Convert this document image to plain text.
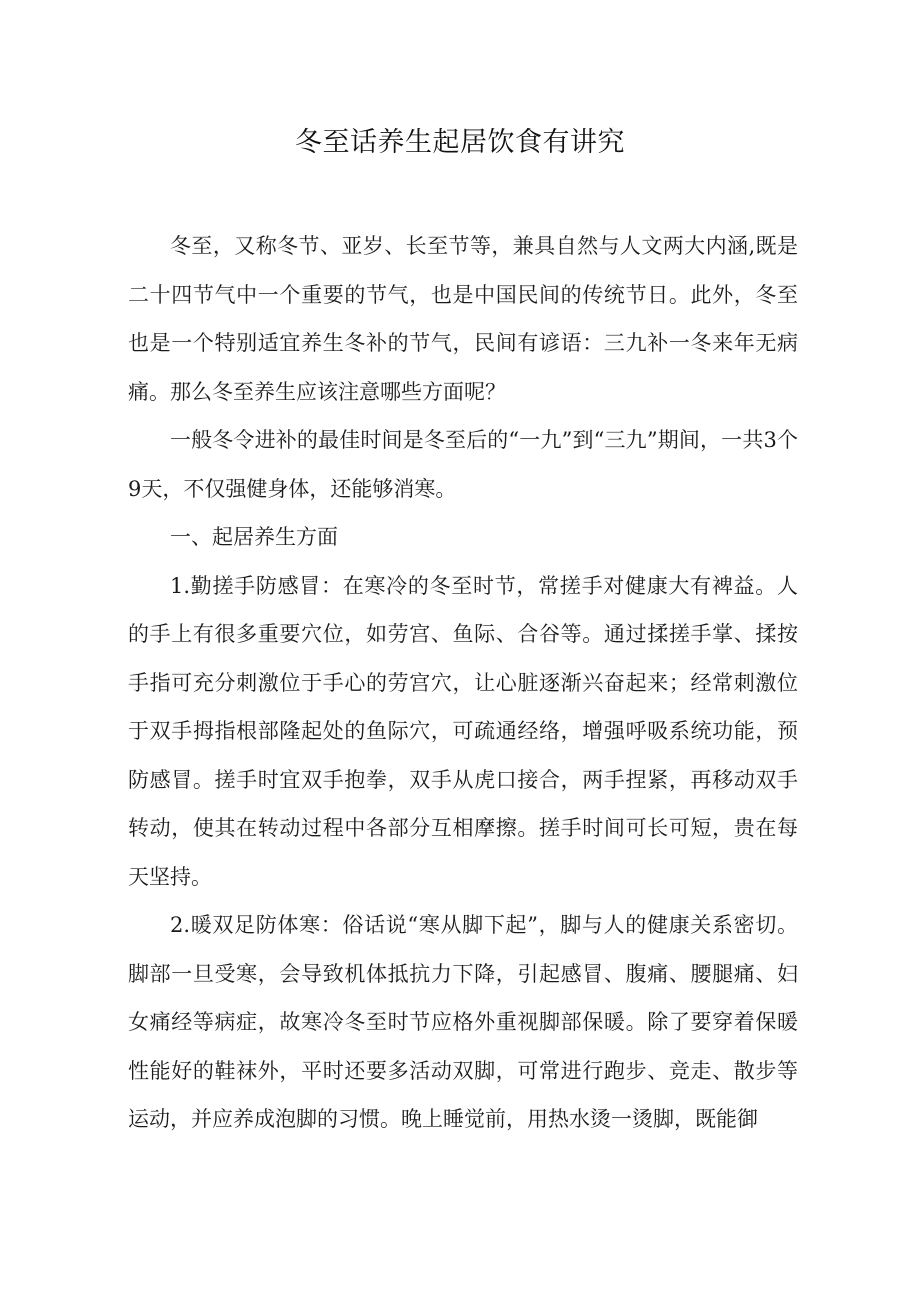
冬至话养生起居饮食有讲究

冬至，又称冬节、亚岁、长至节等，兼具自然与人文两大内涵,既是二十四节气中一个重要的节气，也是中国民间的传统节日。此外，冬至也是一个特别适宜养生冬补的节气，民间有谚语：三九补一冬来年无病痛。那么冬至养生应该注意哪些方面呢？

一般冬令进补的最佳时间是冬至后的“一九”到“三九”期间，一共3个9天，不仅强健身体，还能够消寒。

一、起居养生方面

1.勤搓手防感冒：在寒冷的冬至时节，常搓手对健康大有裨益。人的手上有很多重要穴位，如劳宫、鱼际、合谷等。通过揉搓手掌、揉按手指可充分刺激位于手心的劳宫穴，让心脏逐渐兴奋起来；经常刺激位于双手拇指根部隆起处的鱼际穴，可疏通经络，增强呼吸系统功能，预防感冒。搓手时宜双手抱拳，双手从虎口接合，两手捏紧，再移动双手转动，使其在转动过程中各部分互相摩擦。搓手时间可长可短，贵在每天坚持。

2.暖双足防体寒：俗话说“寒从脚下起”，脚与人的健康关系密切。脚部一旦受寒，会导致机体抵抗力下降，引起感冒、腹痛、腰腿痛、妇女痛经等病症，故寒冷冬至时节应格外重视脚部保暖。除了要穿着保暖性能好的鞋袜外，平时还要多活动双脚，可常进行跑步、竞走、散步等运动，并应养成泡脚的习惯。晚上睡觉前，用热水烫一烫脚，既能御
